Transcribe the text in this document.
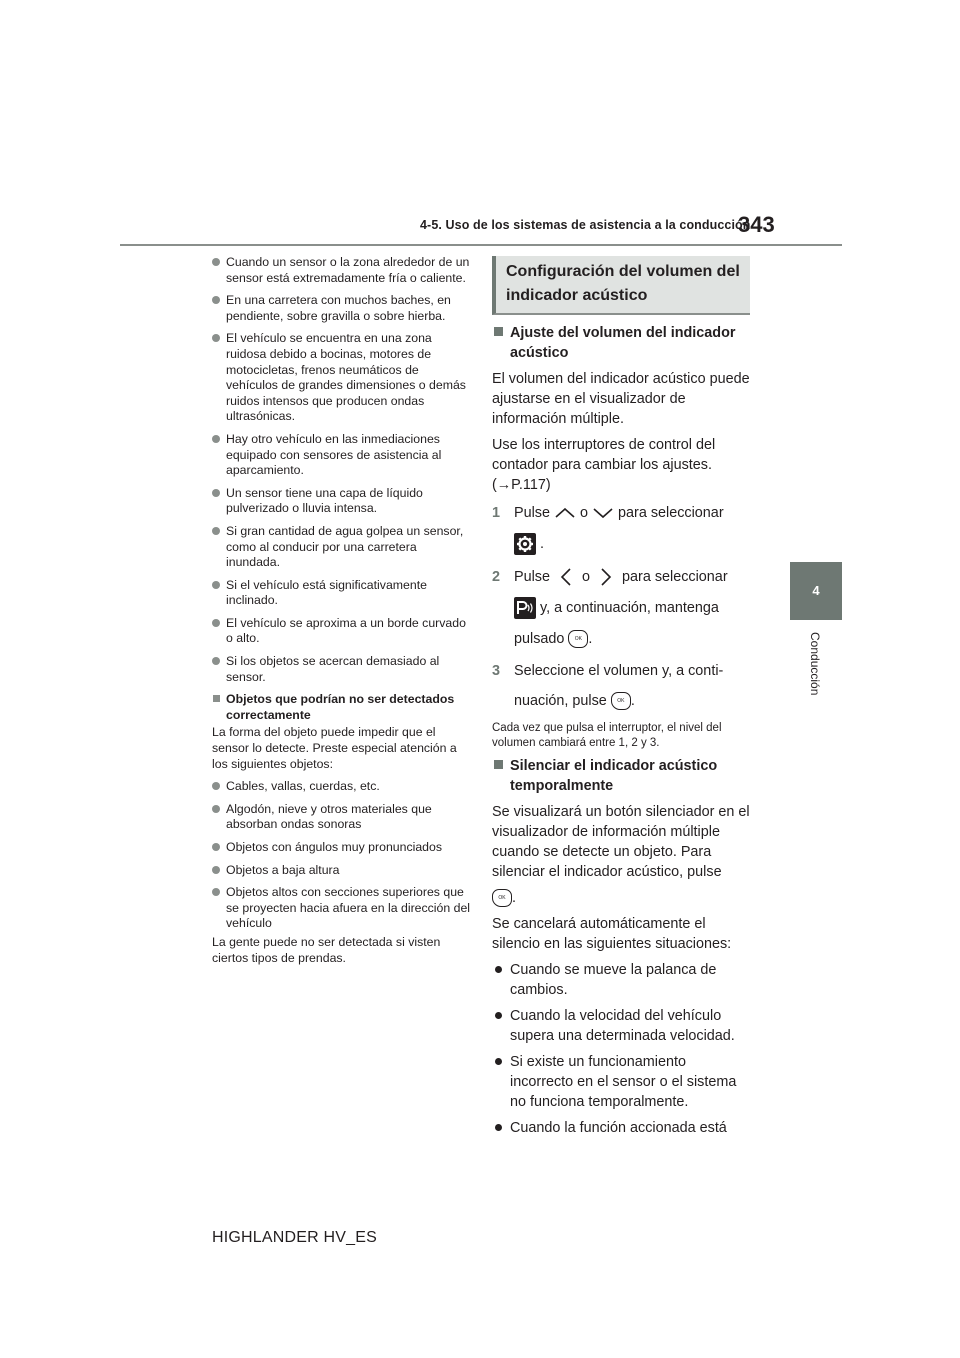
4-5. Uso de los sistemas de asistencia a la conducción
343
4
Conducción
Cuando un sensor o la zona alrededor de un sensor está extremadamente fría o caliente.
En una carretera con muchos baches, en pendiente, sobre gravilla o sobre hierba.
El vehículo se encuentra en una zona ruidosa debido a bocinas, motores de motocicletas, frenos neumáticos de vehículos de grandes dimensiones o demás ruidos intensos que producen ondas ultrasónicas.
Hay otro vehículo en las inmediaciones equipado con sensores de asistencia al aparcamiento.
Un sensor tiene una capa de líquido pulverizado o lluvia intensa.
Si gran cantidad de agua golpea un sensor, como al conducir por una carretera inundada.
Si el vehículo está significativamente inclinado.
El vehículo se aproxima a un borde curvado o alto.
Si los objetos se acercan demasiado al sensor.
Objetos que podrían no ser detectados correctamente
La forma del objeto puede impedir que el sensor lo detecte. Preste especial atención a los siguientes objetos:
Cables, vallas, cuerdas, etc.
Algodón, nieve y otros materiales que absorban ondas sonoras
Objetos con ángulos muy pronunciados
Objetos a baja altura
Objetos altos con secciones superiores que se proyecten hacia afuera en la dirección del vehículo
La gente puede no ser detectada si visten ciertos tipos de prendas.
Configuración del volumen del indicador acústico
Ajuste del volumen del indicador acústico
El volumen del indicador acústico puede ajustarse en el visualizador de información múltiple.
Use los interruptores de control del contador para cambiar los ajustes.
(→P.117)
1 Pulse o para seleccionar
.
2 Pulse o para seleccionar
y, a continuación, mantenga
pulsado OK .
3 Seleccione el volumen y, a conti-
nuación, pulse OK .
Cada vez que pulsa el interruptor, el nivel del volumen cambiará entre 1, 2 y 3.
Silenciar el indicador acústico temporalmente
Se visualizará un botón silenciador en el visualizador de información múltiple cuando se detecte un objeto. Para silenciar el indicador acústico, pulse
OK .
Se cancelará automáticamente el silencio en las siguientes situaciones:
Cuando se mueve la palanca de cambios.
Cuando la velocidad del vehículo supera una determinada velocidad.
Si existe un funcionamiento incorrecto en el sensor o el sistema no funciona temporalmente.
Cuando la función accionada está
HIGHLANDER HV_ES
